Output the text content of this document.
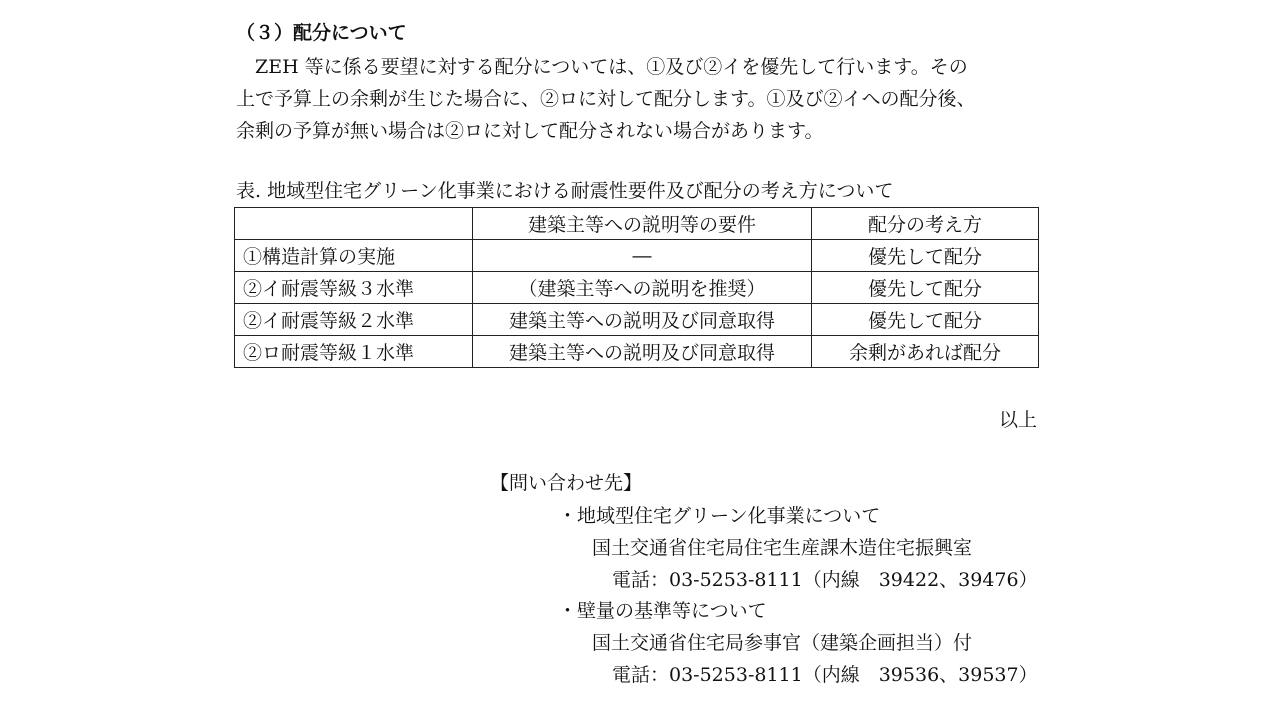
（３）配分について
　ZEH 等に係る要望に対する配分については、①及び②イを優先して行います。その
上で予算上の余剰が生じた場合に、②ロに対して配分します。①及び②イへの配分後、
余剰の予算が無い場合は②ロに対して配分されない場合があります。
表. 地域型住宅グリーン化事業における耐震性要件及び配分の考え方について
	建築主等への説明等の要件	配分の考え方
①構造計算の実施	―	優先して配分
②イ耐震等級３水準	（建築主等への説明を推奨）	優先して配分
②イ耐震等級２水準	建築主等への説明及び同意取得	優先して配分
②ロ耐震等級１水準	建築主等への説明及び同意取得	余剰があれば配分
以上
【問い合わせ先】
・地域型住宅グリーン化事業について
国土交通省住宅局住宅生産課木造住宅振興室
電話：03-5253-8111（内線　39422、39476）
・壁量の基準等について
国土交通省住宅局参事官（建築企画担当）付
電話：03-5253-8111（内線　39536、39537）
